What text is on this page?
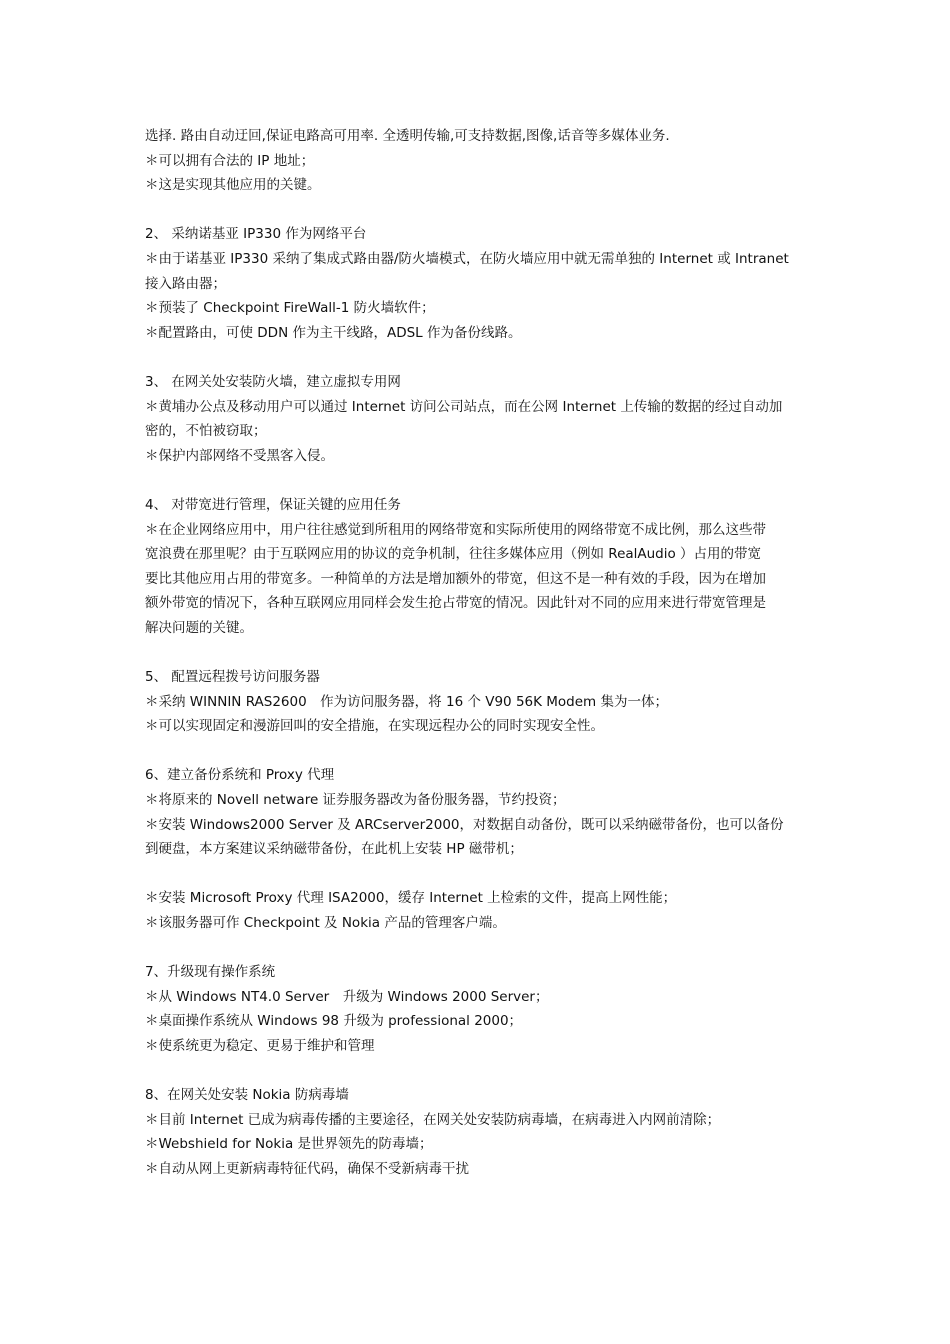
选择. 路由自动迂回,保证电路高可用率. 全透明传输,可支持数据,图像,话音等多媒体业务.

＊可以拥有合法的 IP 地址；

＊这是实现其他应用的关键。

2、 采纳诺基亚 IP330 作为网络平台

＊由于诺基亚 IP330 采纳了集成式路由器/防火墙模式，在防火墙应用中就无需单独的 Internet 或 Intranet

接入路由器；

＊预装了 Checkpoint FireWall-1 防火墙软件；

＊配置路由，可使 DDN 作为主干线路，ADSL 作为备份线路。

3、 在网关处安装防火墙，建立虚拟专用网

＊黄埔办公点及移动用户可以通过 Internet 访问公司站点，而在公网 Internet 上传输的数据的经过自动加

密的，不怕被窃取；

＊保护内部网络不受黑客入侵。

4、 对带宽进行管理，保证关键的应用任务

＊在企业网络应用中，用户往往感觉到所租用的网络带宽和实际所使用的网络带宽不成比例，那么这些带

宽浪费在那里呢？由于互联网应用的协议的竞争机制，往往多媒体应用（例如 RealAudio ）占用的带宽

要比其他应用占用的带宽多。一种简单的方法是增加额外的带宽，但这不是一种有效的手段，因为在增加

额外带宽的情况下，各种互联网应用同样会发生抢占带宽的情况。因此针对不同的应用来进行带宽管理是

解决问题的关键。

5、 配置远程拨号访问服务器

＊采纳 WINNIN RAS2600　作为访问服务器，将 16 个 V90 56K Modem 集为一体；

＊可以实现固定和漫游回叫的安全措施，在实现远程办公的同时实现安全性。

6、建立备份系统和 Proxy 代理

＊将原来的 Novell netware 证券服务器改为备份服务器，节约投资；

＊安装 Windows2000 Server 及 ARCserver2000，对数据自动备份，既可以采纳磁带备份，也可以备份

到硬盘，本方案建议采纳磁带备份，在此机上安装 HP 磁带机；

＊安装 Microsoft Proxy 代理 ISA2000，缓存 Internet 上检索的文件，提高上网性能；

＊该服务器可作 Checkpoint 及 Nokia 产品的管理客户端。

7、升级现有操作系统

＊从 Windows NT4.0 Server　升级为 Windows 2000 Server；

＊桌面操作系统从 Windows 98 升级为 professional 2000；

＊使系统更为稳定、更易于维护和管理

8、在网关处安装 Nokia 防病毒墙

＊目前 Internet 已成为病毒传播的主要途径，在网关处安装防病毒墙，在病毒进入内网前清除；

＊Webshield for Nokia 是世界领先的防毒墙；

＊自动从网上更新病毒特征代码，确保不受新病毒干扰
